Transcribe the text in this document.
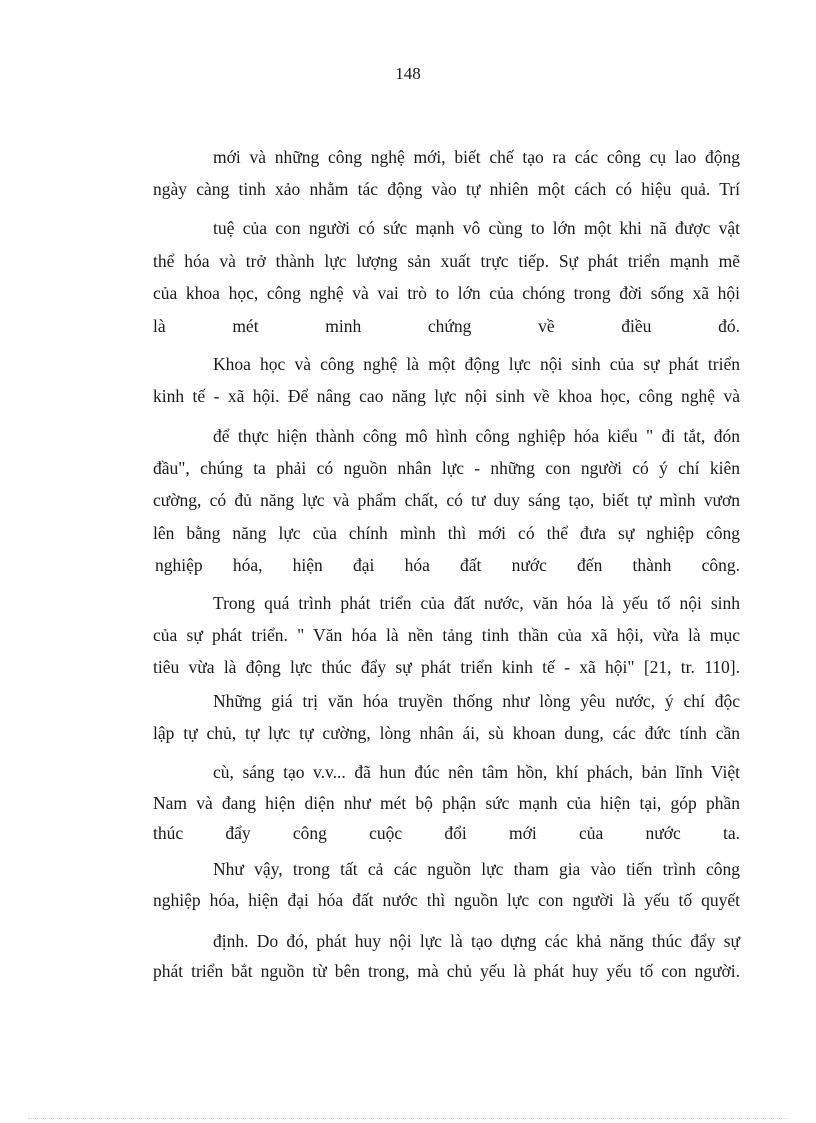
148
mới và những công nghệ mới, biết chế tạo ra các công cụ lao động
ngày càng tinh xảo nhằm tác động vào tự nhiên một cách có hiệu quả. Trí
tuệ của con người có sức mạnh vô cùng to lớn một khi nã được vật
thể hóa và trở thành lực lượng sản xuất trực tiếp. Sự phát triển mạnh mẽ
của khoa học, công nghệ và vai trò to lớn của chóng trong đời sống xã hội
là mét minh chứng về điều đó.
Khoa học và công nghệ là một động lực nội sinh của sự phát triển
kinh tế - xã hội. Để nâng cao năng lực nội sinh về khoa học, công nghệ và
để thực hiện thành công mô hình công nghiệp hóa kiểu " đi tắt, đón
đầu", chúng ta phải có nguồn nhân lực - những con người có ý chí kiên
cường, có đủ năng lực và phẩm chất, có tư duy sáng tạo, biết tự mình vươn
lên bằng năng lực của chính mình thì mới có thể đưa sự nghiệp công
nghiệp hóa, hiện đại hóa đất nước đến thành công.
Trong quá trình phát triển của đất nước, văn hóa là yếu tố nội sinh
của sự phát triển. " Văn hóa là nền tảng tinh thần của xã hội, vừa là mục
tiêu vừa là động lực thúc đẩy sự phát triển kinh tế - xã hội" [21, tr. 110].
Những giá trị văn hóa truyền thống như lòng yêu nước, ý chí độc
lập tự chủ, tự lực tự cường, lòng nhân ái, sù khoan dung, các đức tính cần
cù, sáng tạo v.v... đã hun đúc nên tâm hồn, khí phách, bản lĩnh Việt
Nam và đang hiện diện như mét bộ phận sức mạnh của hiện tại, góp phần
thúc đẩy công cuộc đổi mới của nước ta.
Như vậy, trong tất cả các nguồn lực tham gia vào tiến trình công
nghiệp hóa, hiện đại hóa đất nước thì nguồn lực con người là yếu tố quyết
định. Do đó, phát huy nội lực là tạo dựng các khả năng thúc đẩy sự
phát triển bắt nguồn từ bên trong, mà chủ yếu là phát huy yếu tố con người.
